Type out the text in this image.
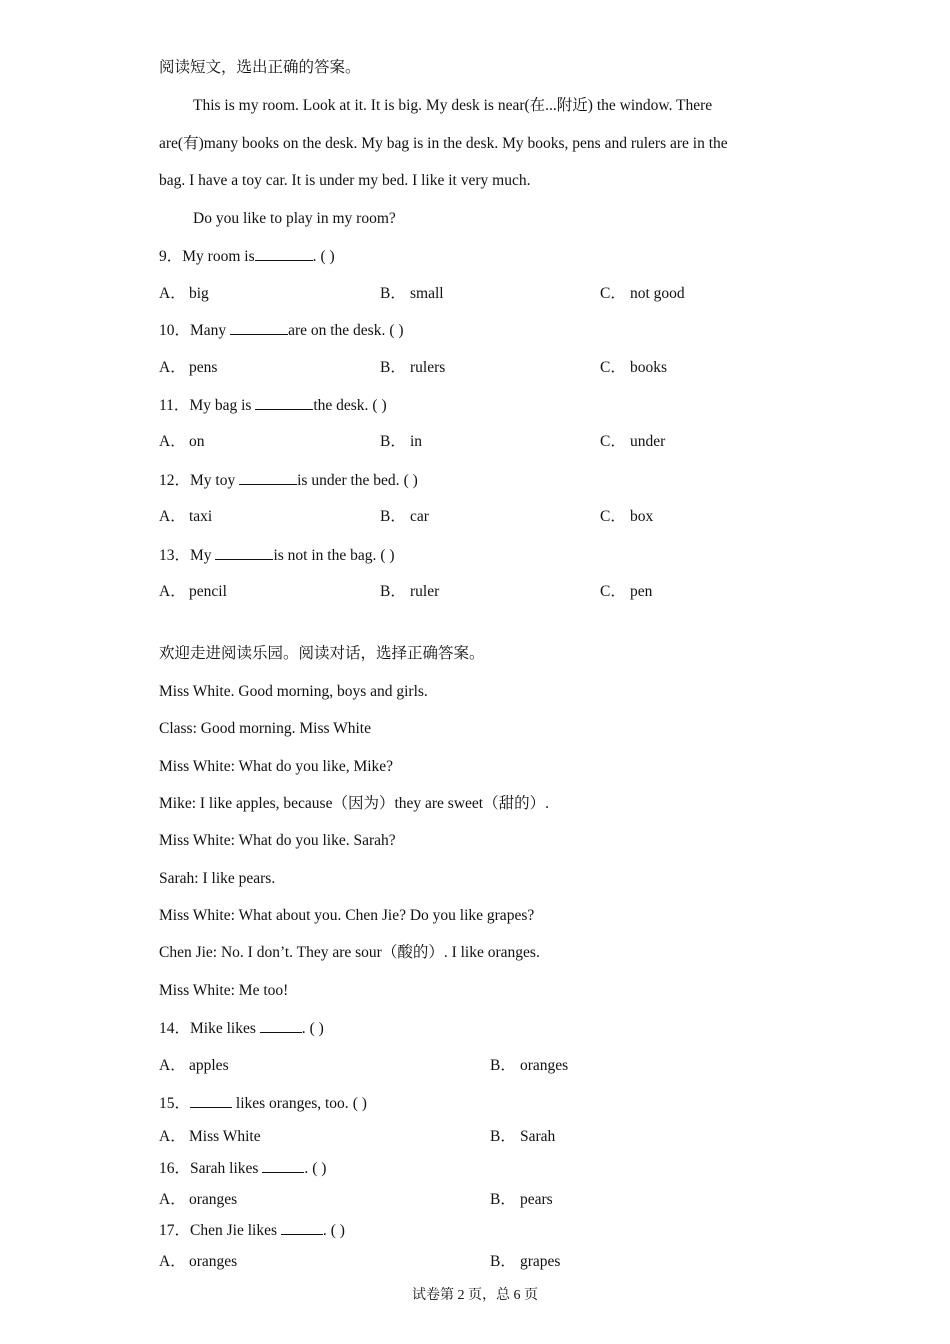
阅读短文，选出正确的答案。
This is my room. Look at it. It is big. My desk is near(在...附近) the window. There
are(有)many books on the desk. My bag is in the desk. My books, pens and rulers are in the
bag. I have a toy car. It is under my bed. I like it very much.
Do you like to play in my room?
9．My room is	. ( )
A． big	B． small	C． not good
10．Many	are on the desk. ( )
A． pens	B． rulers	C． books
11．My bag is	the desk. ( )
A． on	B． in	C． under
12．My toy	is under the bed. ( )
A． taxi	B． car	C． box
13．My	is not in the bag. ( )
A． pencil	B． ruler	C． pen
欢迎走进阅读乐园。阅读对话，选择正确答案。
Miss White. Good morning, boys and girls.
Class: Good morning. Miss White
Miss White: What do you like, Mike?
Mike: I like apples, because（因为）they are sweet（甜的）.
Miss White: What do you like. Sarah?
Sarah: I like pears.
Miss White: What about you. Chen Jie? Do you like grapes?
Chen Jie: No. I don’t. They are sour（酸的）. I like oranges.
Miss White: Me too!
14．Mike likes	. ( )
A． apples	B． oranges
15．	likes oranges, too. ( )
A． Miss White	B． Sarah
16．Sarah likes	. ( )
A． oranges	B． pears
17．Chen Jie likes	. ( )
A． oranges	B． grapes
试卷第 2 页，总 6 页
